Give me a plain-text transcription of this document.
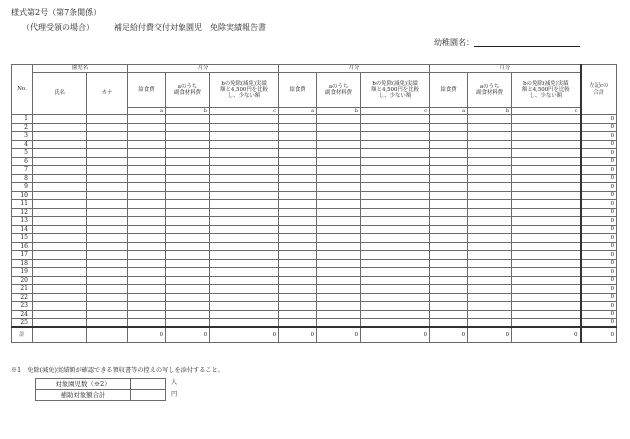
様式第2号（第7条関係）
（代理受領の場合）	補足給付費交付対象園児　免除実績報告書
幼稚園名：
No.	園児名		月分			月分			月分			左記cの
合計
	氏名	カナ	給食費	aのうち
副食材料費	bの免除(減免)実績
額と4,500円を比較
し、少ない額	給食費	aのうち
副食材料費	bの免除(減免)実績
額と4,500円を比較
し、少ない額	給食費	aのうち
副食材料費	bの免除(減免)実績
額と4,500円を比較
し、少ない額	
			a	b	c	a	b	c	a	b	c	
1												0
2												0
3												0
4												0
5												0
6												0
7												0
8												0
9												0
10												0
11												0
12												0
13												0
14												0
15												0
16												0
17												0
18												0
19												0
20												0
21												0
22												0
23												0
24												0
25												0
計			0	0	0	0	0	0	0	0	0	0
※1　免除(減免)実績額が確認できる領収書等の控えの写しを添付すること。
対象園児数（※2）	
補助対象額合計	
人
円
